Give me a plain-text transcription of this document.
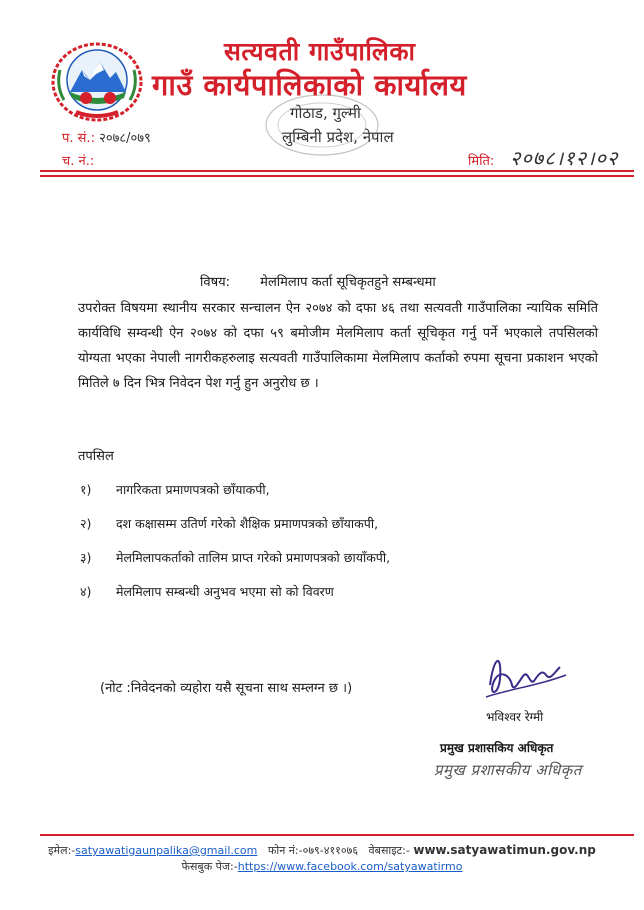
सत्यवती गाउँपालिका
गाउँ कार्यपालिकाको कार्यालय
गोठाड, गुल्मी
लुम्बिनी प्रदेश, नेपाल
प. सं.: २०७८/०७९
च. नं.:	मिति: २०७८।१२।०२
विषय: मेलमिलाप कर्ता सूचिकृतहुने सम्बन्धमा
उपरोक्त विषयमा स्थानीय सरकार सन्चालन ऐन २०७४ को दफा ४६ तथा सत्यवती गाउँपालिका न्यायिक समिति कार्यविधि सम्वन्धी ऐन २०७४ को दफा ५९ बमोजीम मेलमिलाप कर्ता सूचिकृत गर्नु पर्ने भएकाले तपसिलको योग्यता भएका नेपाली नागरीकहरुलाइ सत्यवती गाउँपालिकामा मेलमिलाप कर्ताको रुपमा सूचना प्रकाशन भएको मितिले ७ दिन भित्र निवेदन पेश गर्नु हुन अनुरोध छ ।
तपसिल
१) नागरिकता प्रमाणपत्रको छाँयाकपी,
२) दश कक्षासम्म उतिर्ण गरेको शैक्षिक प्रमाणपत्रको छाँयाकपी,
३) मेलमिलापकर्ताको तालिम प्राप्त गरेको प्रमाणपत्रको छायाँकपी,
४) मेलमिलाप सम्बन्धी अनुभव भएमा सो को विवरण
(नोट :निवेदनको व्यहोरा यसै सूचना साथ सम्लग्न छ ।)
भविश्वर रेग्मी
प्रमुख प्रशासकिय अधिकृत
प्रमुख प्रशासकीय अधिकृत
इमेल:-satyawatigaunpalika@gmail.com फोन नं:-०७९-४११०७६ वेबसाइट:- www.satyawatimun.gov.np
फेसबुक पेज:-https://www.facebook.com/satyawatirmo
